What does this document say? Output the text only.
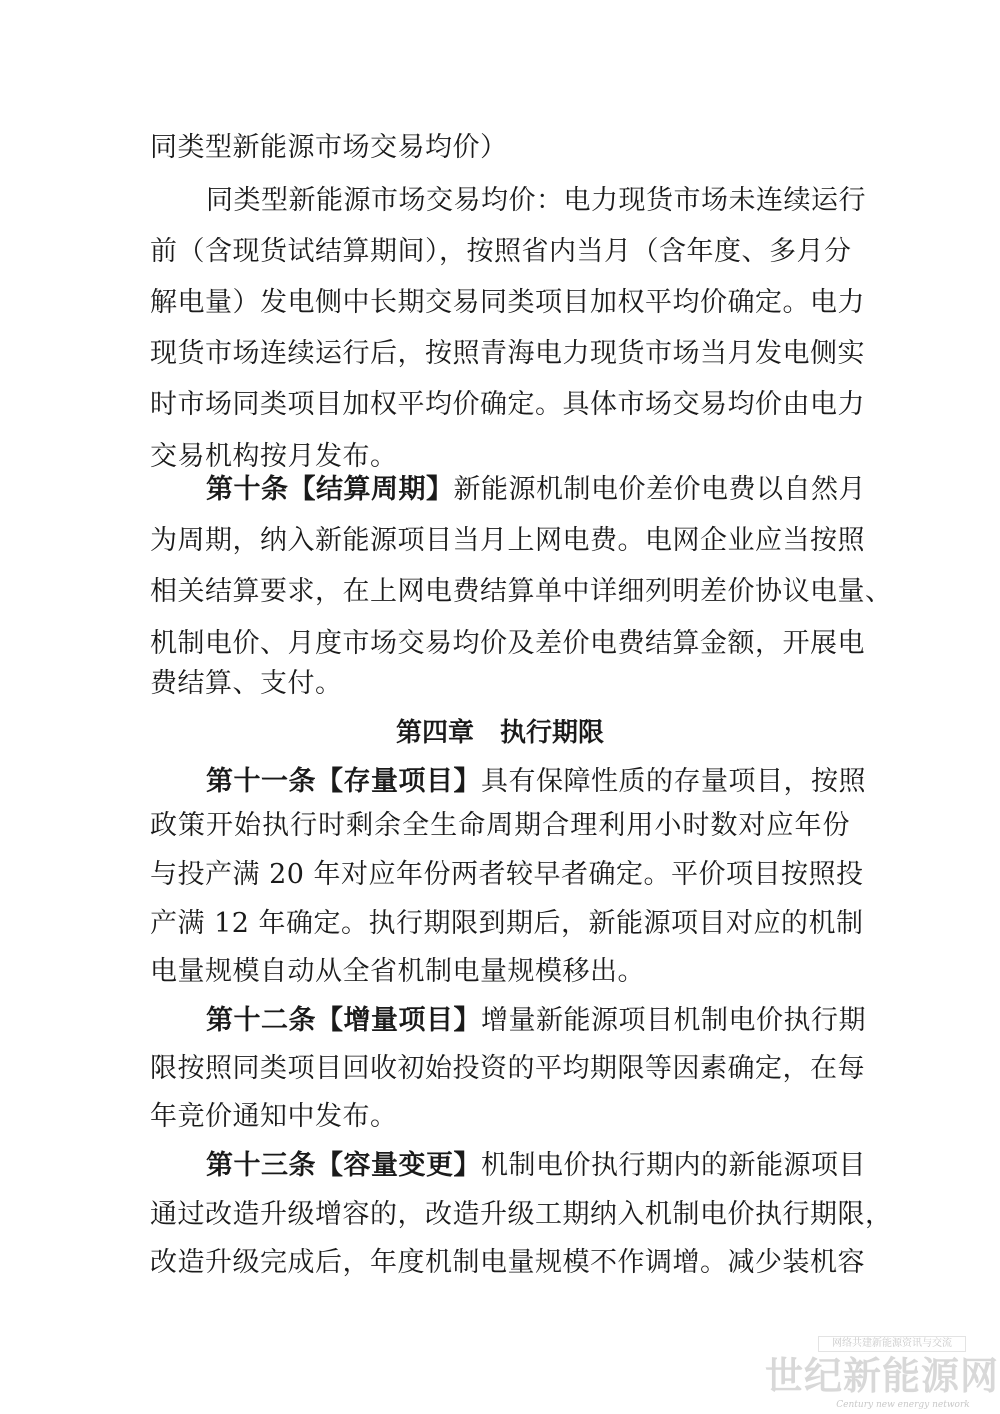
同类型新能源市场交易均价）
同类型新能源市场交易均价：电力现货市场未连续运行
前（含现货试结算期间），按照省内当月（含年度、多月分
解电量）发电侧中长期交易同类项目加权平均价确定。电力
现货市场连续运行后，按照青海电力现货市场当月发电侧实
时市场同类项目加权平均价确定。具体市场交易均价由电力
交易机构按月发布。
第十条【结算周期】新能源机制电价差价电费以自然月
为周期，纳入新能源项目当月上网电费。电网企业应当按照
相关结算要求，在上网电费结算单中详细列明差价协议电量、
机制电价、月度市场交易均价及差价电费结算金额，开展电
费结算、支付。
第四章　执行期限
第十一条【存量项目】具有保障性质的存量项目，按照
政策开始执行时剩余全生命周期合理利用小时数对应年份
与投产满 20 年对应年份两者较早者确定。平价项目按照投
产满 12 年确定。执行期限到期后，新能源项目对应的机制
电量规模自动从全省机制电量规模移出。
第十二条【增量项目】增量新能源项目机制电价执行期
限按照同类项目回收初始投资的平均期限等因素确定，在每
年竞价通知中发布。
第十三条【容量变更】机制电价执行期内的新能源项目
通过改造升级增容的，改造升级工期纳入机制电价执行期限，
改造升级完成后，年度机制电量规模不作调增。减少装机容
网络共建新能源资讯与交流
世纪新能源网
Century new energy network
